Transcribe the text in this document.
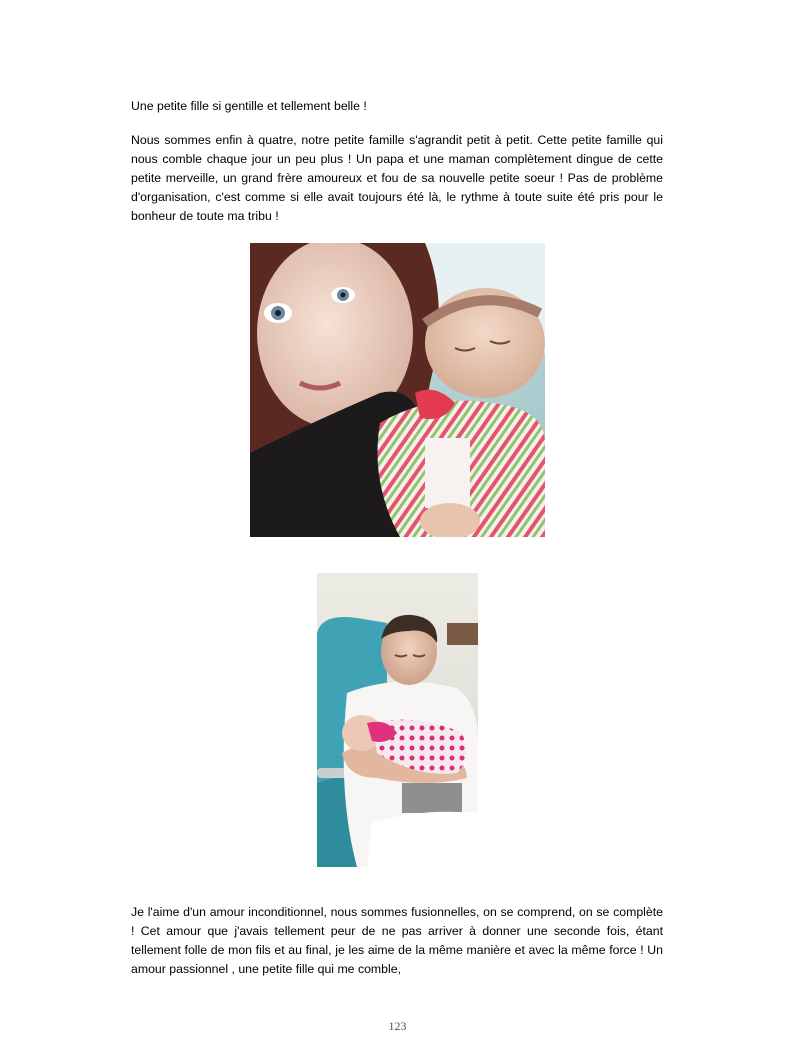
Une petite fille si gentille et tellement belle !

Nous sommes enfin à quatre, notre petite famille s'agrandit petit à petit. Cette petite famille qui nous comble chaque jour un peu plus ! Un papa et une maman complètement dingue de cette petite merveille, un grand frère amoureux et fou de sa nouvelle petite soeur ! Pas de problème d'organisation, c'est comme si elle avait toujours été là, le rythme à toute suite été pris pour le bonheur de toute ma tribu !

Je l'aime d'un amour inconditionnel, nous sommes fusionnelles, on se comprend, on se complète ! Cet amour que j'avais tellement peur de ne pas arriver à donner une seconde fois, étant tellement folle de mon fils et au final, je les aime de la même manière et avec la même force ! Un amour passionnel , une petite fille qui me comble,

123
